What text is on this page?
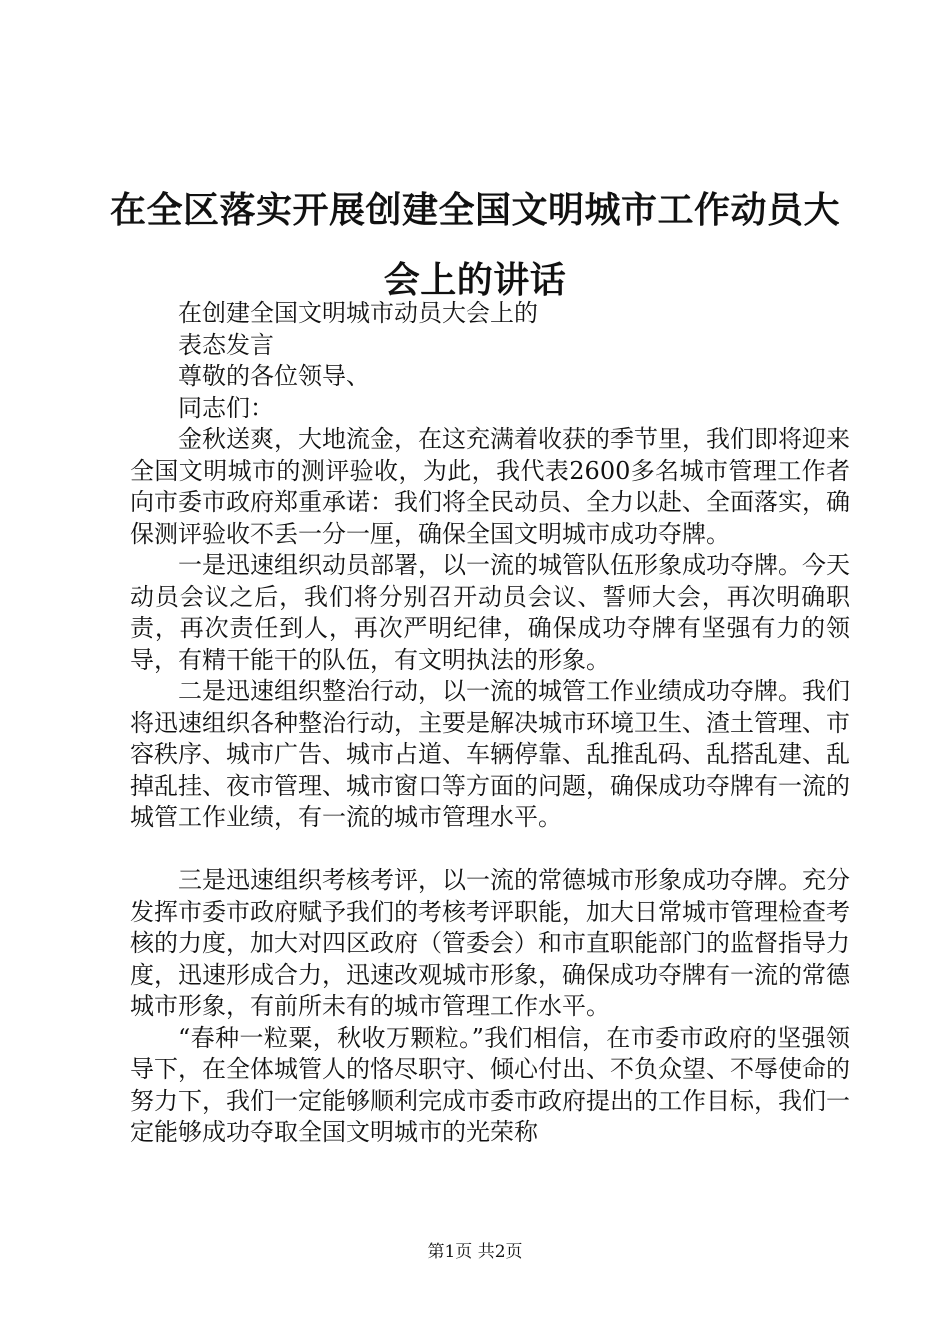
在全区落实开展创建全国文明城市工作动员大会上的讲话

在创建全国文明城市动员大会上的

表态发言

尊敬的各位领导、

同志们：

金秋送爽，大地流金，在这充满着收获的季节里，我们即将迎来全国文明城市的测评验收，为此，我代表2600多名城市管理工作者向市委市政府郑重承诺：我们将全民动员、全力以赴、全面落实，确保测评验收不丢一分一厘，确保全国文明城市成功夺牌。

一是迅速组织动员部署，以一流的城管队伍形象成功夺牌。今天动员会议之后，我们将分别召开动员会议、誓师大会，再次明确职责，再次责任到人，再次严明纪律，确保成功夺牌有坚强有力的领导，有精干能干的队伍，有文明执法的形象。

二是迅速组织整治行动，以一流的城管工作业绩成功夺牌。我们将迅速组织各种整治行动，主要是解决城市环境卫生、渣土管理、市容秩序、城市广告、城市占道、车辆停靠、乱推乱码、乱搭乱建、乱掉乱挂、夜市管理、城市窗口等方面的问题，确保成功夺牌有一流的城管工作业绩，有一流的城市管理水平。

三是迅速组织考核考评，以一流的常德城市形象成功夺牌。充分发挥市委市政府赋予我们的考核考评职能，加大日常城市管理检查考核的力度，加大对四区政府（管委会）和市直职能部门的监督指导力度，迅速形成合力，迅速改观城市形象，确保成功夺牌有一流的常德城市形象，有前所未有的城市管理工作水平。

“春种一粒粟，秋收万颗粒。”我们相信，在市委市政府的坚强领导下，在全体城管人的恪尽职守、倾心付出、不负众望、不辱使命的努力下，我们一定能够顺利完成市委市政府提出的工作目标，我们一定能够成功夺取全国文明城市的光荣称

第1页 共2页
